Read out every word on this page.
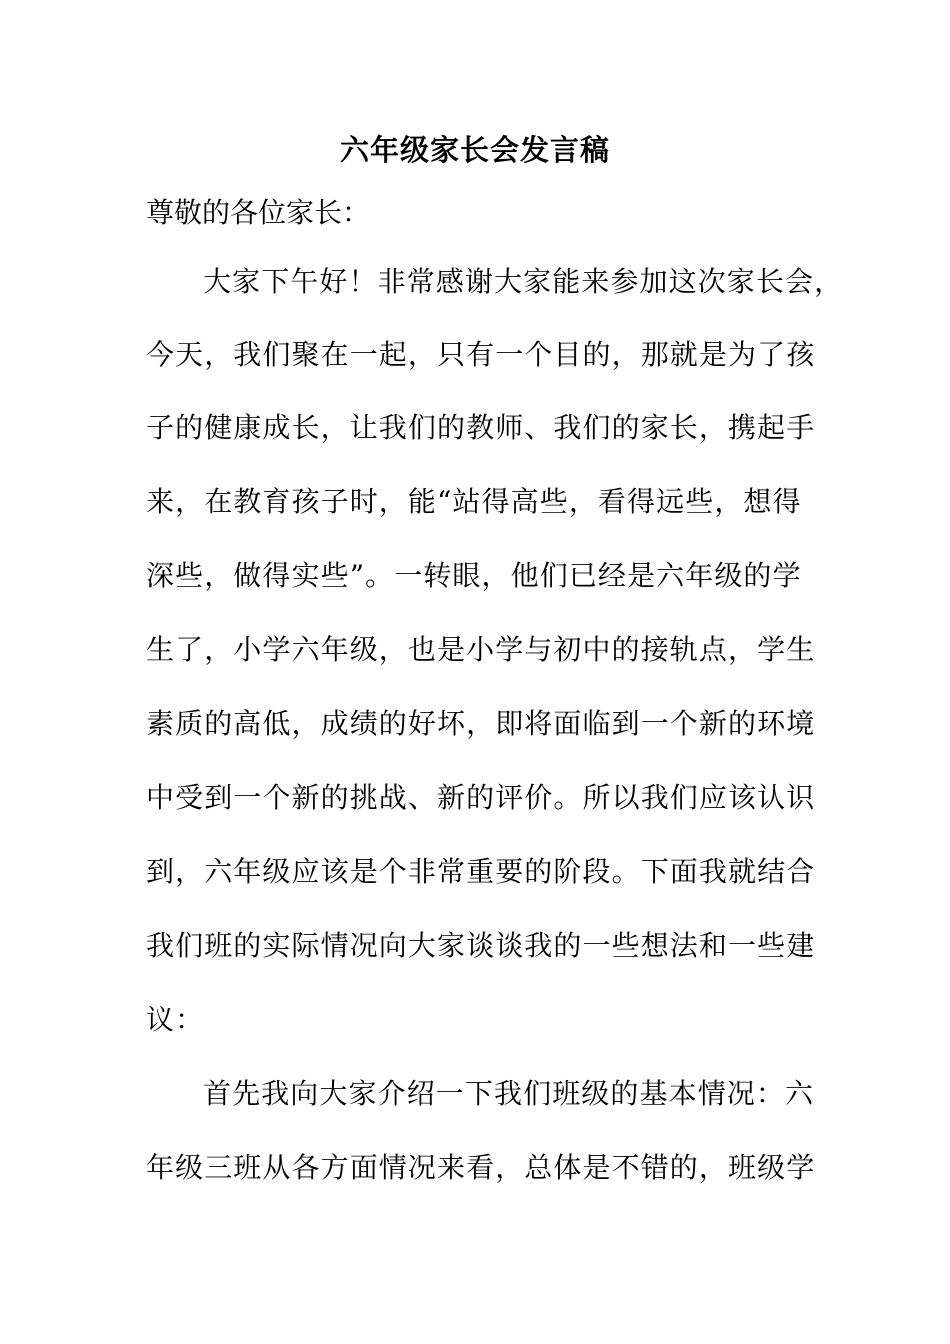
六年级家长会发言稿
尊敬的各位家长：
大家下午好！非常感谢大家能来参加这次家长会，
今天，我们聚在一起，只有一个目的，那就是为了孩
子的健康成长，让我们的教师、我们的家长，携起手
来，在教育孩子时，能“站得高些，看得远些，想得
深些，做得实些”。一转眼，他们已经是六年级的学
生了，小学六年级，也是小学与初中的接轨点，学生
素质的高低，成绩的好坏，即将面临到一个新的环境
中受到一个新的挑战、新的评价。所以我们应该认识
到，六年级应该是个非常重要的阶段。下面我就结合
我们班的实际情况向大家谈谈我的一些想法和一些建
议：
首先我向大家介绍一下我们班级的基本情况：六
年级三班从各方面情况来看，总体是不错的，班级学
